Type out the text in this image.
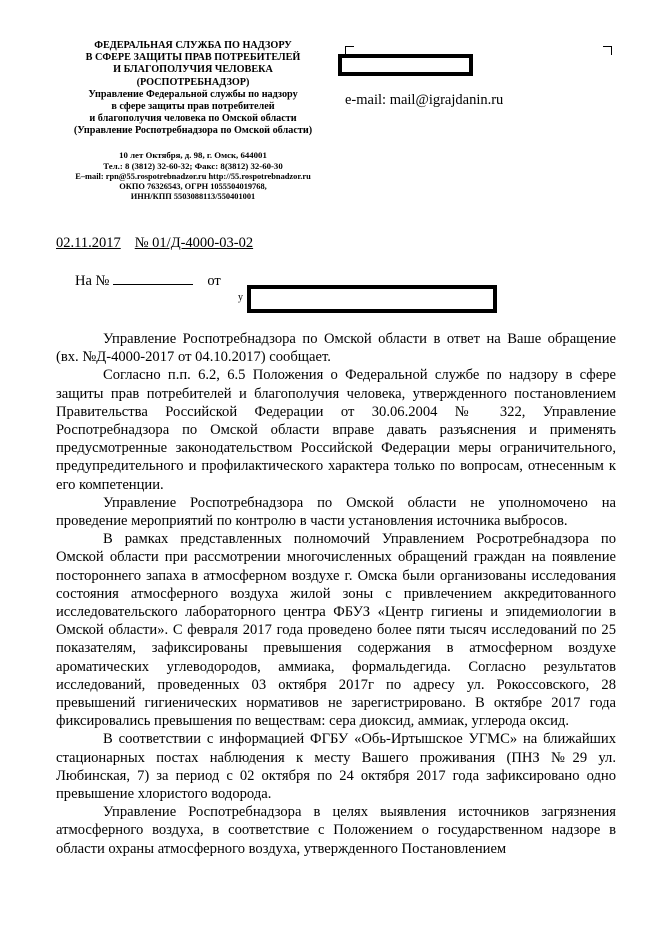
ФЕДЕРАЛЬНАЯ СЛУЖБА ПО НАДЗОРУ
В СФЕРЕ ЗАЩИТЫ ПРАВ ПОТРЕБИТЕЛЕЙ
И БЛАГОПОЛУЧИЯ ЧЕЛОВЕКА
(РОСПОТРЕБНАДЗОР)
Управление Федеральной службы по надзору
в сфере защиты прав потребителей
и благополучия человека по Омской области
(Управление Роспотребнадзора по Омской области)
10 лет Октября, д. 98, г. Омск, 644001
Тел.: 8 (3812) 32-60-32; Факс: 8(3812) 32-60-30
E–mail: rpn@55.rospotrebnadzor.ru http://55.rospotrebnadzor.ru
ОКПО 76326543, ОГРН 1055504019768,
ИНН/КПП 5503088113/550401001
e-mail: mail@igrajdanin.ru
02.11.2017 № 01/Д-4000-03-02
На №	от
у

Управление Роспотребнадзора по Омской области в ответ на Ваше обращение (вх. №Д-4000-2017 от 04.10.2017) сообщает.

Согласно п.п. 6.2, 6.5 Положения о Федеральной службе по надзору в сфере защиты прав потребителей и благополучия человека, утвержденного постановлением Правительства Российской Федерации от 30.06.2004 № 322, Управление Роспотребнадзора по Омской области вправе давать разъяснения и применять предусмотренные законодательством Российской Федерации меры ограничительного, предупредительного и профилактического характера только по вопросам, отнесенным к его компетенции.

Управление Роспотребнадзора по Омской области не уполномочено на проведение мероприятий по контролю в части установления источника выбросов.

В рамках представленных полномочий Управлением Росротребнадзора по Омской области при рассмотрении многочисленных обращений граждан на появление постороннего запаха в атмосферном воздухе г. Омска были организованы исследования состояния атмосферного воздуха жилой зоны с привлечением аккредитованного исследовательского лабораторного центра ФБУЗ «Центр гигиены и эпидемиологии в Омской области». С февраля 2017 года проведено более пяти тысяч исследований по 25 показателям, зафиксированы превышения содержания в атмосферном воздухе ароматических углеводородов, аммиака, формальдегида. Согласно результатов исследований, проведенных 03 октября 2017г по адресу ул. Рокоссовского, 28 превышений гигиенических нормативов не зарегистрировано. В октябре 2017 года фиксировались превышения по веществам: сера диоксид, аммиак, углерода оксид.

В соответствии с информацией ФГБУ «Обь-Иртышское УГМС» на ближайших стационарных постах наблюдения к месту Вашего проживания (ПНЗ №29 ул. Любинская, 7) за период с 02 октября по 24 октября 2017 года зафиксировано одно превышение хлористого водорода.

Управление Роспотребнадзора в целях выявления источников загрязнения атмосферного воздуха, в соответствие с Положением о государственном надзоре в области охраны атмосферного воздуха, утвержденного Постановлением
